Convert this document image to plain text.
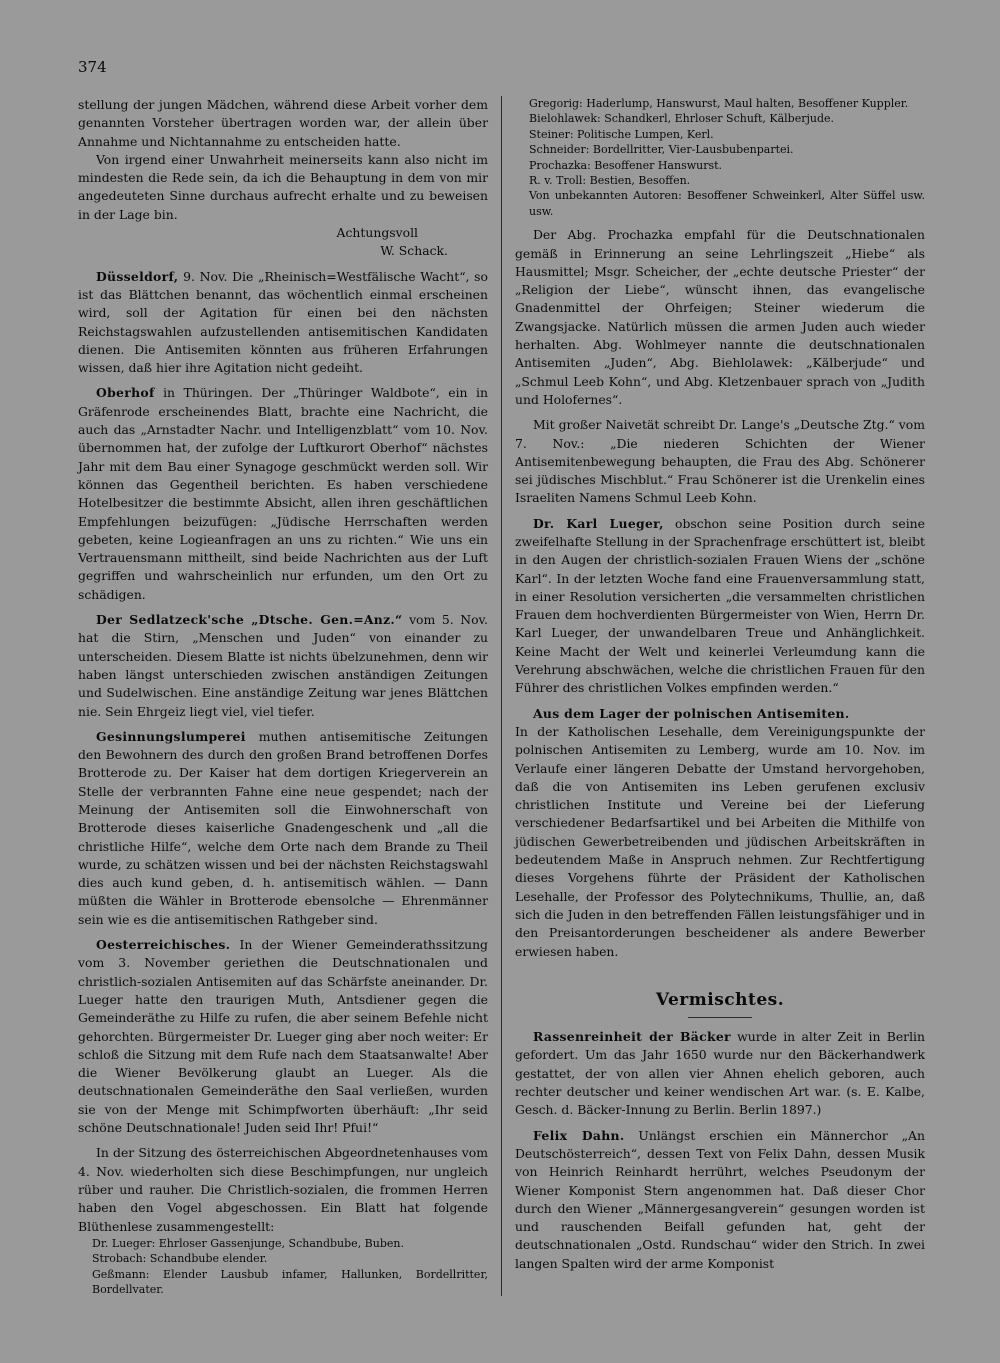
374

stellung der jungen Mädchen, während diese Arbeit vorher dem genannten Vorsteher übertragen worden war, der allein über Annahme und Nichtannahme zu entscheiden hatte.

Von irgend einer Unwahrheit meinerseits kann also nicht im mindesten die Rede sein, da ich die Behauptung in dem von mir angedeuteten Sinne durchaus aufrecht erhalte und zu beweisen in der Lage bin.

Achtungsvoll

W. Schack.

Düsseldorf, 9. Nov. Die „Rheinisch=Westfälische Wacht“, so ist das Blättchen benannt, das wöchentlich einmal erscheinen wird, soll der Agitation für einen bei den nächsten Reichstagswahlen aufzustellenden antisemitischen Kandidaten dienen. Die Antisemiten könnten aus früheren Erfahrungen wissen, daß hier ihre Agitation nicht gedeiht.

Oberhof in Thüringen. Der „Thüringer Waldbote“, ein in Gräfenrode erscheinendes Blatt, brachte eine Nachricht, die auch das „Arnstadter Nachr. und Intelligenzblatt“ vom 10. Nov. übernommen hat, der zufolge der Luftkurort Oberhof“ nächstes Jahr mit dem Bau einer Synagoge geschmückt werden soll. Wir können das Gegentheil berichten. Es haben verschiedene Hotelbesitzer die bestimmte Absicht, allen ihren geschäftlichen Empfehlungen beizufügen: „Jüdische Herrschaften werden gebeten, keine Logieanfragen an uns zu richten.“ Wie uns ein Vertrauensmann mittheilt, sind beide Nachrichten aus der Luft gegriffen und wahrscheinlich nur erfunden, um den Ort zu schädigen.

Der Sedlatzeck'sche „Dtsche. Gen.=Anz.“ vom 5. Nov. hat die Stirn, „Menschen und Juden“ von einander zu unterscheiden. Diesem Blatte ist nichts übelzunehmen, denn wir haben längst unterschieden zwischen anständigen Zeitungen und Sudelwischen. Eine anständige Zeitung war jenes Blättchen nie. Sein Ehrgeiz liegt viel, viel tiefer.

Gesinnungslumperei muthen antisemitische Zeitungen den Bewohnern des durch den großen Brand betroffenen Dorfes Brotterode zu. Der Kaiser hat dem dortigen Kriegerverein an Stelle der verbrannten Fahne eine neue gespendet; nach der Meinung der Antisemiten soll die Einwohnerschaft von Brotterode dieses kaiserliche Gnadengeschenk und „all die christliche Hilfe“, welche dem Orte nach dem Brande zu Theil wurde, zu schätzen wissen und bei der nächsten Reichstagswahl dies auch kund geben, d. h. antisemitisch wählen. — Dann müßten die Wähler in Brotterode ebensolche — Ehrenmänner sein wie es die antisemitischen Rathgeber sind.

Oesterreichisches. In der Wiener Gemeinderathssitzung vom 3. November geriethen die Deutschnationalen und christlich-sozialen Antisemiten auf das Schärfste aneinander. Dr. Lueger hatte den traurigen Muth, Antsdiener gegen die Gemeinderäthe zu Hilfe zu rufen, die aber seinem Befehle nicht gehorchten. Bürgermeister Dr. Lueger ging aber noch weiter: Er schloß die Sitzung mit dem Rufe nach dem Staatsanwalte! Aber die Wiener Bevölkerung glaubt an Lueger. Als die deutschnationalen Gemeinderäthe den Saal verließen, wurden sie von der Menge mit Schimpfworten überhäuft: „Ihr seid schöne Deutschnationale! Juden seid Ihr! Pfui!“

In der Sitzung des österreichischen Abgeordnetenhauses vom 4. Nov. wiederholten sich diese Beschimpfungen, nur ungleich rüber und rauher. Die Christlich-sozialen, die frommen Herren haben den Vogel abgeschossen. Ein Blatt hat folgende Blüthenlese zusammengestellt:

Dr. Lueger: Ehrloser Gassenjunge, Schandbube, Buben.

Strobach: Schandbube elender.

Geßmann: Elender Lausbub infamer, Hallunken, Bordellritter, Bordellvater.

Gregorig: Haderlump, Hanswurst, Maul halten, Besoffener Kuppler.

Bielohlawek: Schandkerl, Ehrloser Schuft, Kälberjude.

Steiner: Politische Lumpen, Kerl.

Schneider: Bordellritter, Vier-Lausbubenpartei.

Prochazka: Besoffener Hanswurst.

R. v. Troll: Bestien, Besoffen.

Von unbekannten Autoren: Besoffener Schweinkerl, Alter Süffel usw. usw.

Der Abg. Prochazka empfahl für die Deutschnationalen gemäß in Erinnerung an seine Lehrlingszeit „Hiebe“ als Hausmittel; Msgr. Scheicher, der „echte deutsche Priester“ der „Religion der Liebe“, wünscht ihnen, das evangelische Gnadenmittel der Ohrfeigen; Steiner wiederum die Zwangsjacke. Natürlich müssen die armen Juden auch wieder herhalten. Abg. Wohlmeyer nannte die deutschnationalen Antisemiten „Juden“, Abg. Biehlolawek: „Kälberjude“ und „Schmul Leeb Kohn“, und Abg. Kletzenbauer sprach von „Judith und Holofernes“.

Mit großer Naivetät schreibt Dr. Lange's „Deutsche Ztg.“ vom 7. Nov.: „Die niederen Schichten der Wiener Antisemitenbewegung behaupten, die Frau des Abg. Schönerer sei jüdisches Mischblut.“ Frau Schönerer ist die Urenkelin eines Israeliten Namens Schmul Leeb Kohn.

Dr. Karl Lueger, obschon seine Position durch seine zweifelhafte Stellung in der Sprachenfrage erschüttert ist, bleibt in den Augen der christlich-sozialen Frauen Wiens der „schöne Karl“. In der letzten Woche fand eine Frauenversammlung statt, in einer Resolution versicherten „die versammelten christlichen Frauen dem hochverdienten Bürgermeister von Wien, Herrn Dr. Karl Lueger, der unwandelbaren Treue und Anhänglichkeit. Keine Macht der Welt und keinerlei Verleumdung kann die Verehrung abschwächen, welche die christlichen Frauen für den Führer des christlichen Volkes empfinden werden.“

Aus dem Lager der polnischen Antisemiten.

In der Katholischen Lesehalle, dem Vereinigungspunkte der polnischen Antisemiten zu Lemberg, wurde am 10. Nov. im Verlaufe einer längeren Debatte der Umstand hervorgehoben, daß die von Antisemiten ins Leben gerufenen exclusiv christlichen Institute und Vereine bei der Lieferung verschiedener Bedarfsartikel und bei Arbeiten die Mithilfe von jüdischen Gewerbetreibenden und jüdischen Arbeitskräften in bedeutendem Maße in Anspruch nehmen. Zur Rechtfertigung dieses Vorgehens führte der Präsident der Katholischen Lesehalle, der Professor des Polytechnikums, Thullie, an, daß sich die Juden in den betreffenden Fällen leistungsfähiger und in den Preisantorderungen bescheidener als andere Bewerber erwiesen haben.

Vermischtes.

Rassenreinheit der Bäcker wurde in alter Zeit in Berlin gefordert. Um das Jahr 1650 wurde nur den Bäckerhandwerk gestattet, der von allen vier Ahnen ehelich geboren, auch rechter deutscher und keiner wendischen Art war. (s. E. Kalbe, Gesch. d. Bäcker-Innung zu Berlin. Berlin 1897.)

Felix Dahn. Unlängst erschien ein Männerchor „An Deutschösterreich“, dessen Text von Felix Dahn, dessen Musik von Heinrich Reinhardt herrührt, welches Pseudonym der Wiener Komponist Stern angenommen hat. Daß dieser Chor durch den Wiener „Männergesangverein“ gesungen worden ist und rauschenden Beifall gefunden hat, geht der deutschnationalen „Ostd. Rundschau“ wider den Strich. In zwei langen Spalten wird der arme Komponist
